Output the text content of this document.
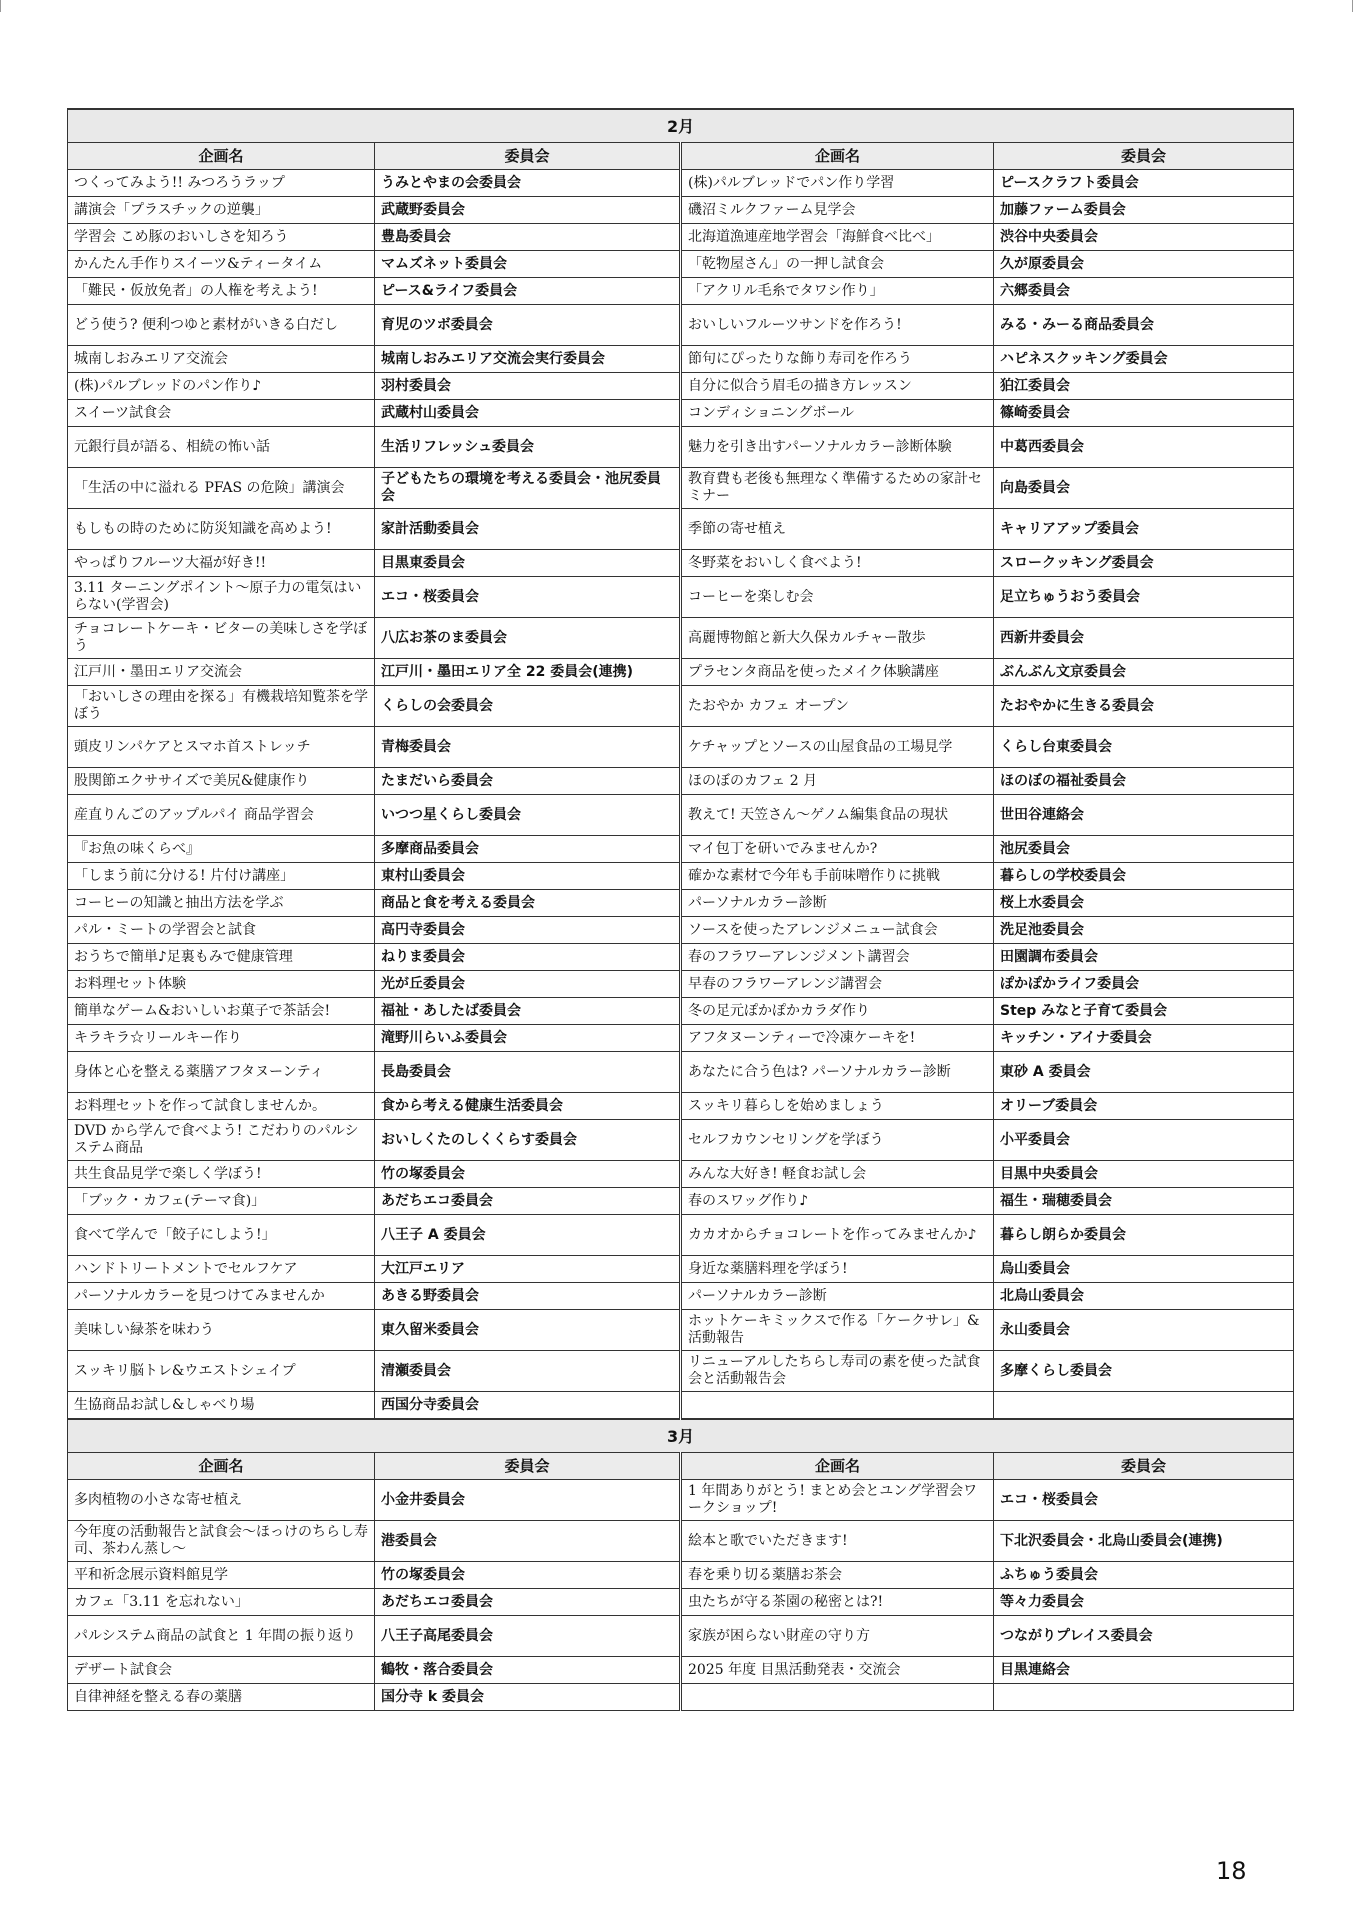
2月			
企画名	委員会	企画名	委員会
つくってみよう!! みつろうラップ	うみとやまの会委員会	(株)パルブレッドでパン作り学習	ピースクラフト委員会
講演会「プラスチックの逆襲」	武蔵野委員会	磯沼ミルクファーム見学会	加藤ファーム委員会
学習会 こめ豚のおいしさを知ろう	豊島委員会	北海道漁連産地学習会「海鮮食べ比べ」	渋谷中央委員会
かんたん手作りスイーツ&ティータイム	マムズネット委員会	「乾物屋さん」の一押し試食会	久が原委員会
「難民・仮放免者」の人権を考えよう!	ピース&ライフ委員会	「アクリル毛糸でタワシ作り」	六郷委員会
どう使う? 便利つゆと素材がいきる白だし	育児のツボ委員会	おいしいフルーツサンドを作ろう!	みる・みーる商品委員会
城南しおみエリア交流会	城南しおみエリア交流会実行委員会	節句にぴったりな飾り寿司を作ろう	ハピネスクッキング委員会
(株)パルブレッドのパン作り♪	羽村委員会	自分に似合う眉毛の描き方レッスン	狛江委員会
スイーツ試食会	武蔵村山委員会	コンディショニングボール	篠崎委員会
元銀行員が語る、相続の怖い話	生活リフレッシュ委員会	魅力を引き出すパーソナルカラー診断体験	中葛西委員会
「生活の中に溢れる PFAS の危険」講演会	子どもたちの環境を考える委員会・池尻委員会	教育費も老後も無理なく準備するための家計セミナー	向島委員会
もしもの時のために防災知識を高めよう!	家計活動委員会	季節の寄せ植え	キャリアアップ委員会
やっぱりフルーツ大福が好き!!	目黒東委員会	冬野菜をおいしく食べよう!	スロークッキング委員会
3.11 ターニングポイント～原子力の電気はいらない(学習会)	エコ・桜委員会	コーヒーを楽しむ会	足立ちゅうおう委員会
チョコレートケーキ・ビターの美味しさを学ぼう	八広お茶のま委員会	高麗博物館と新大久保カルチャー散歩	西新井委員会
江戸川・墨田エリア交流会	江戸川・墨田エリア全 22 委員会(連携)	プラセンタ商品を使ったメイク体験講座	ぶんぶん文京委員会
「おいしさの理由を探る」有機栽培知覧茶を学ぼう	くらしの会委員会	たおやか カフェ オープン	たおやかに生きる委員会
頭皮リンパケアとスマホ首ストレッチ	青梅委員会	ケチャップとソースの山屋食品の工場見学	くらし台東委員会
股関節エクササイズで美尻&健康作り	たまだいら委員会	ほのぼのカフェ 2 月	ほのぼの福祉委員会
産直りんごのアップルパイ 商品学習会	いつつ星くらし委員会	教えて! 天笠さん～ゲノム編集食品の現状	世田谷連絡会
『お魚の味くらべ』	多摩商品委員会	マイ包丁を研いでみませんか?	池尻委員会
「しまう前に分ける! 片付け講座」	東村山委員会	確かな素材で今年も手前味噌作りに挑戦	暮らしの学校委員会
コーヒーの知識と抽出方法を学ぶ	商品と食を考える委員会	パーソナルカラー診断	桜上水委員会
パル・ミートの学習会と試食	高円寺委員会	ソースを使ったアレンジメニュー試食会	洗足池委員会
おうちで簡単♪足裏もみで健康管理	ねりま委員会	春のフラワーアレンジメント講習会	田園調布委員会
お料理セット体験	光が丘委員会	早春のフラワーアレンジ講習会	ぽかぽかライフ委員会
簡単なゲーム&おいしいお菓子で茶話会!	福祉・あしたば委員会	冬の足元ぽかぽかカラダ作り	Step みなと子育て委員会
キラキラ☆リールキー作り	滝野川らいふ委員会	アフタヌーンティーで冷凍ケーキを!	キッチン・アイナ委員会
身体と心を整える薬膳アフタヌーンティ	長島委員会	あなたに合う色は? パーソナルカラー診断	東砂 A 委員会
お料理セットを作って試食しませんか。	食から考える健康生活委員会	スッキリ暮らしを始めましょう	オリーブ委員会
DVD から学んで食べよう! こだわりのパルシステム商品	おいしくたのしくくらす委員会	セルフカウンセリングを学ぼう	小平委員会
共生食品見学で楽しく学ぼう!	竹の塚委員会	みんな大好き! 軽食お試し会	目黒中央委員会
「ブック・カフェ(テーマ食)」	あだちエコ委員会	春のスワッグ作り♪	福生・瑞穂委員会
食べて学んで「餃子にしよう!」	八王子 A 委員会	カカオからチョコレートを作ってみませんか♪	暮らし朗らか委員会
ハンドトリートメントでセルフケア	大江戸エリア	身近な薬膳料理を学ぼう!	烏山委員会
パーソナルカラーを見つけてみませんか	あきる野委員会	パーソナルカラー診断	北烏山委員会
美味しい緑茶を味わう	東久留米委員会	ホットケーキミックスで作る「ケークサレ」&活動報告	永山委員会
スッキリ脳トレ&ウエストシェイプ	清瀬委員会	リニューアルしたちらし寿司の素を使った試食会と活動報告会	多摩くらし委員会
生協商品お試し&しゃべり場	西国分寺委員会		
3月			
企画名	委員会	企画名	委員会
多肉植物の小さな寄せ植え	小金井委員会	1 年間ありがとう! まとめ会とユング学習会ワークショップ!	エコ・桜委員会
今年度の活動報告と試食会～ほっけのちらし寿司、茶わん蒸し～	港委員会	絵本と歌でいただきます!	下北沢委員会・北烏山委員会(連携)
平和祈念展示資料館見学	竹の塚委員会	春を乗り切る薬膳お茶会	ふちゅう委員会
カフェ「3.11 を忘れない」	あだちエコ委員会	虫たちが守る茶園の秘密とは?!	等々力委員会
パルシステム商品の試食と 1 年間の振り返り	八王子高尾委員会	家族が困らない財産の守り方	つながりプレイス委員会
デザート試食会	鶴牧・落合委員会	2025 年度 目黒活動発表・交流会	目黒連絡会
自律神経を整える春の薬膳	国分寺 k 委員会		
18
